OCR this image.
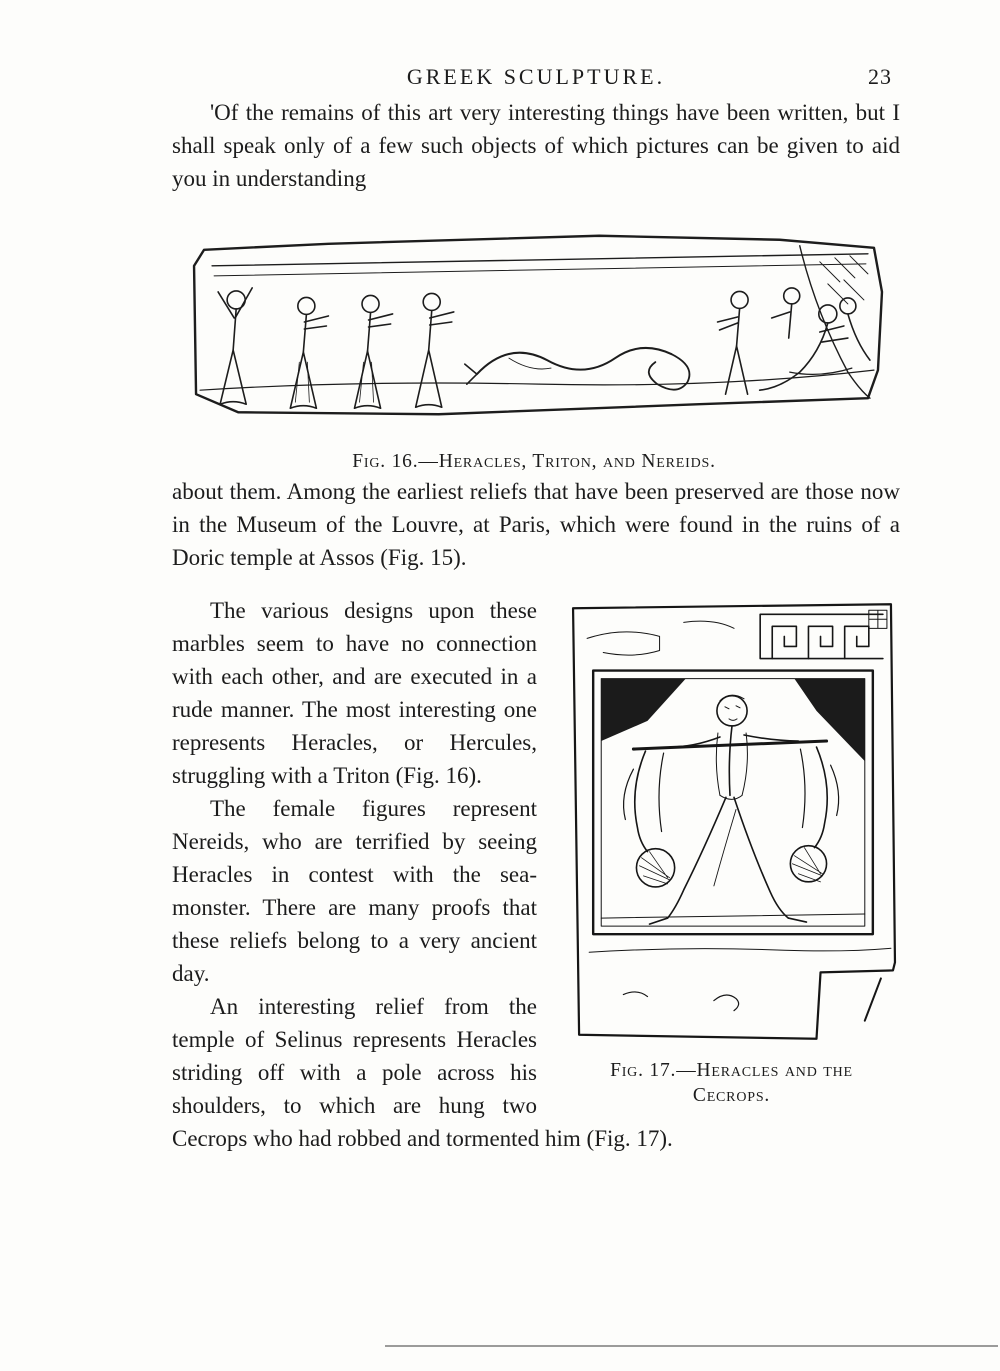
GREEK SCULPTURE.	23

'Of the remains of this art very interesting things have been written, but I shall speak only of a few such objects of which pictures can be given to aid you in understanding

Fig. 16.—Heracles, Triton, and Nereids.

about them. Among the earliest reliefs that have been preserved are those now in the Museum of the Louvre, at Paris, which were found in the ruins of a Doric temple at Assos (Fig. 15).

Fig. 17.—Heracles and the
Cecrops.

The various designs upon these marbles seem to have no connection with each other, and are executed in a rude manner. The most interesting one represents Heracles, or Hercules, struggling with a Triton (Fig. 16).

The female figures represent Nereids, who are terrified by seeing Heracles in contest with the sea-monster. There are many proofs that these reliefs belong to a very ancient day.

An interesting relief from the temple of Selinus represents Heracles striding off with a pole across his shoulders, to which are hung two Cecrops who had robbed and tormented him (Fig. 17).
